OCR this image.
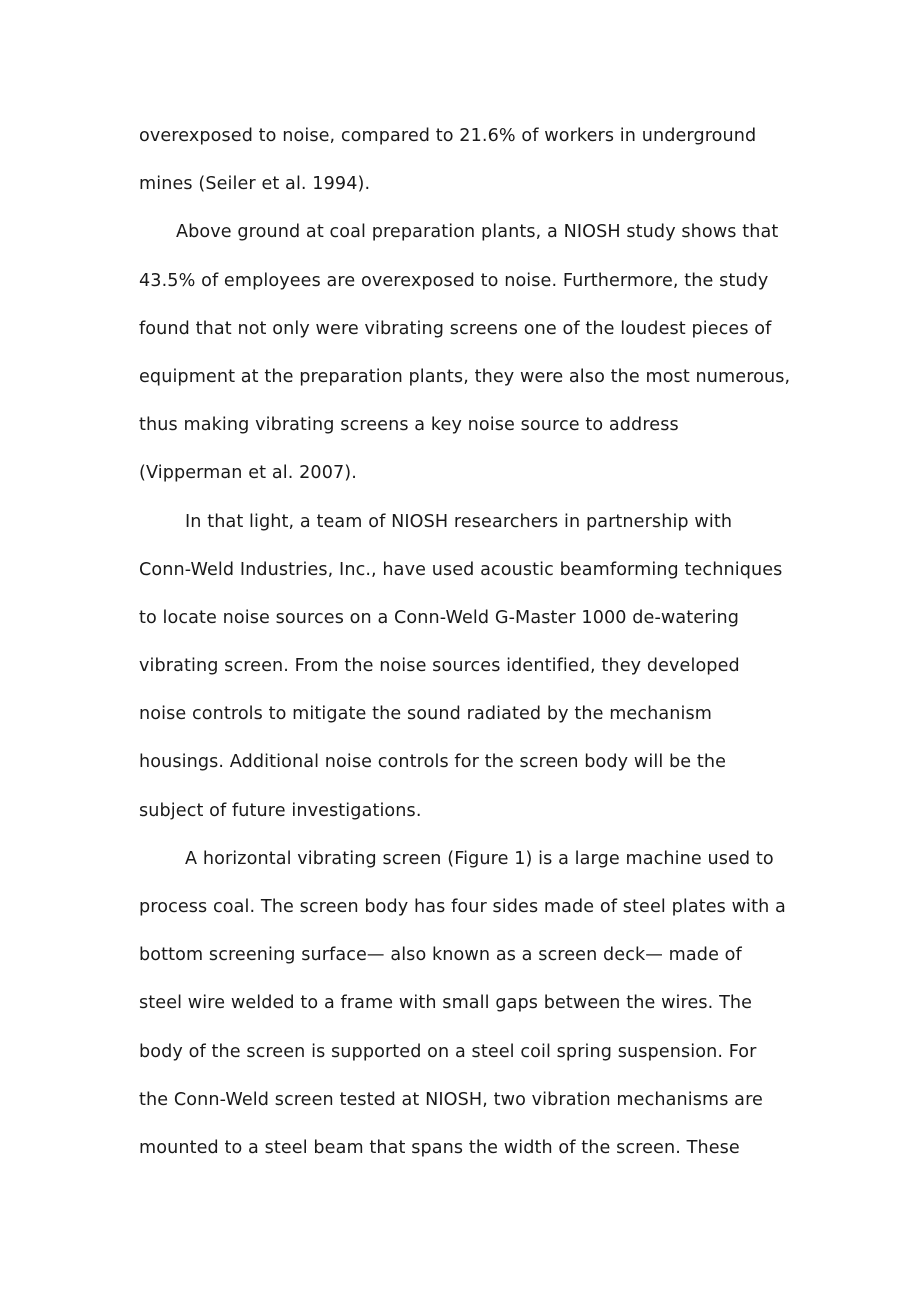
overexposed to noise, compared to 21.6% of workers in underground
mines (Seiler et al. 1994).
Above ground at coal preparation plants, a NIOSH study shows that
43.5% of employees are overexposed to noise. Furthermore, the study
found that not only were vibrating screens one of the loudest pieces of
equipment at the preparation plants, they were also the most numerous,
thus making vibrating screens a key noise source to address
(Vipperman et al. 2007).
In that light, a team of NIOSH researchers in partnership with
Conn-Weld Industries, Inc., have used acoustic beamforming techniques
to locate noise sources on a Conn-Weld G-Master 1000 de-watering
vibrating screen. From the noise sources identified, they developed
noise controls to mitigate the sound radiated by the mechanism
housings. Additional noise controls for the screen body will be the
subject of future investigations.
A horizontal vibrating screen (Figure 1) is a large machine used to
process coal. The screen body has four sides made of steel plates with a
bottom screening surface— also known as a screen deck— made of
steel wire welded to a frame with small gaps between the wires. The
body of the screen is supported on a steel coil spring suspension. For
the Conn-Weld screen tested at NIOSH, two vibration mechanisms are
mounted to a steel beam that spans the width of the screen. These
